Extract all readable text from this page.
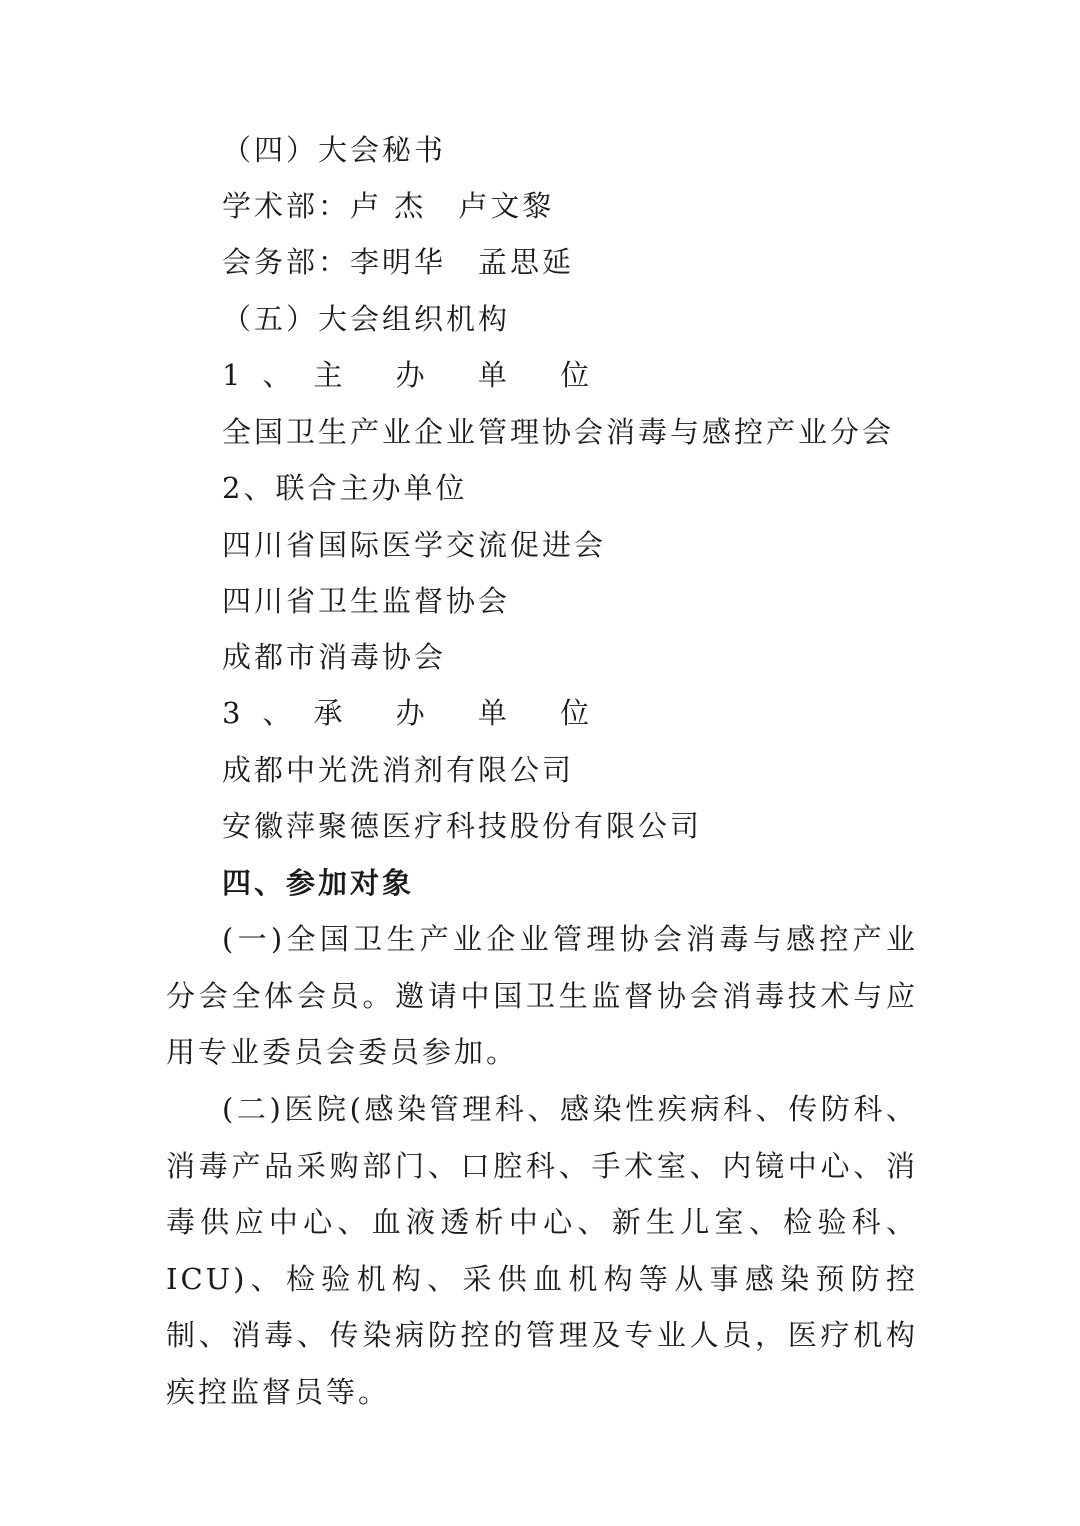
（四）大会秘书
学术部：卢 杰　卢文黎
会务部：李明华　孟思延
（五）大会组织机构
1、主 办 单 位
全国卫生产业企业管理协会消毒与感控产业分会
2、联合主办单位
四川省国际医学交流促进会
四川省卫生监督协会
成都市消毒协会
3、承 办 单 位
成都中光洗消剂有限公司
安徽萍聚德医疗科技股份有限公司
四、参加对象
(一)全国卫生产业企业管理协会消毒与感控产业分会全体会员。邀请中国卫生监督协会消毒技术与应用专业委员会委员参加。
(二)医院(感染管理科、感染性疾病科、传防科、消毒产品采购部门、口腔科、手术室、内镜中心、消毒供应中心、血液透析中心、新生儿室、检验科、ICU)、检验机构、采供血机构等从事感染预防控制、消毒、传染病防控的管理及专业人员，医疗机构疾控监督员等。
